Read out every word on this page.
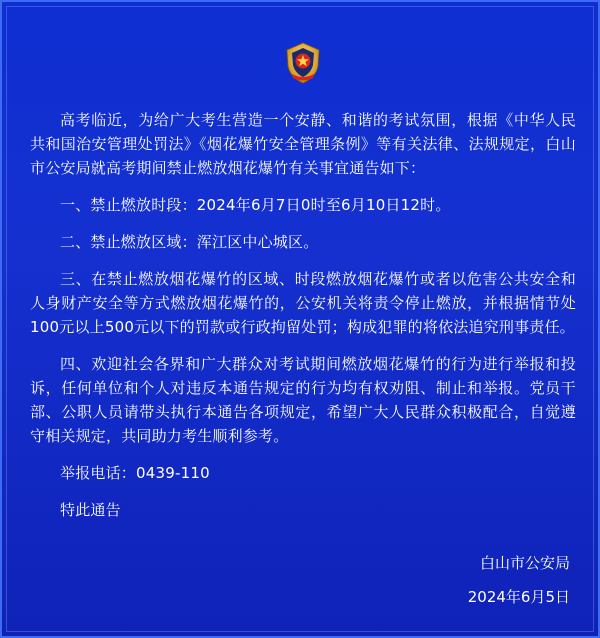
高考临近，为给广大考生营造一个安静、和谐的考试氛围，根据《中华人民共和国治安管理处罚法》《烟花爆竹安全管理条例》等有关法律、法规规定，白山市公安局就高考期间禁止燃放烟花爆竹有关事宜通告如下：

一、禁止燃放时段：2024年6月7日0时至6月10日12时。

二、禁止燃放区域：浑江区中心城区。

三、在禁止燃放烟花爆竹的区域、时段燃放烟花爆竹或者以危害公共安全和人身财产安全等方式燃放烟花爆竹的，公安机关将责令停止燃放，并根据情节处100元以上500元以下的罚款或行政拘留处罚；构成犯罪的将依法追究刑事责任。

四、欢迎社会各界和广大群众对考试期间燃放烟花爆竹的行为进行举报和投诉，任何单位和个人对违反本通告规定的行为均有权劝阻、制止和举报。党员干部、公职人员请带头执行本通告各项规定，希望广大人民群众积极配合，自觉遵守相关规定，共同助力考生顺利参考。

举报电话：0439-110

特此通告

白山市公安局

2024年6月5日
